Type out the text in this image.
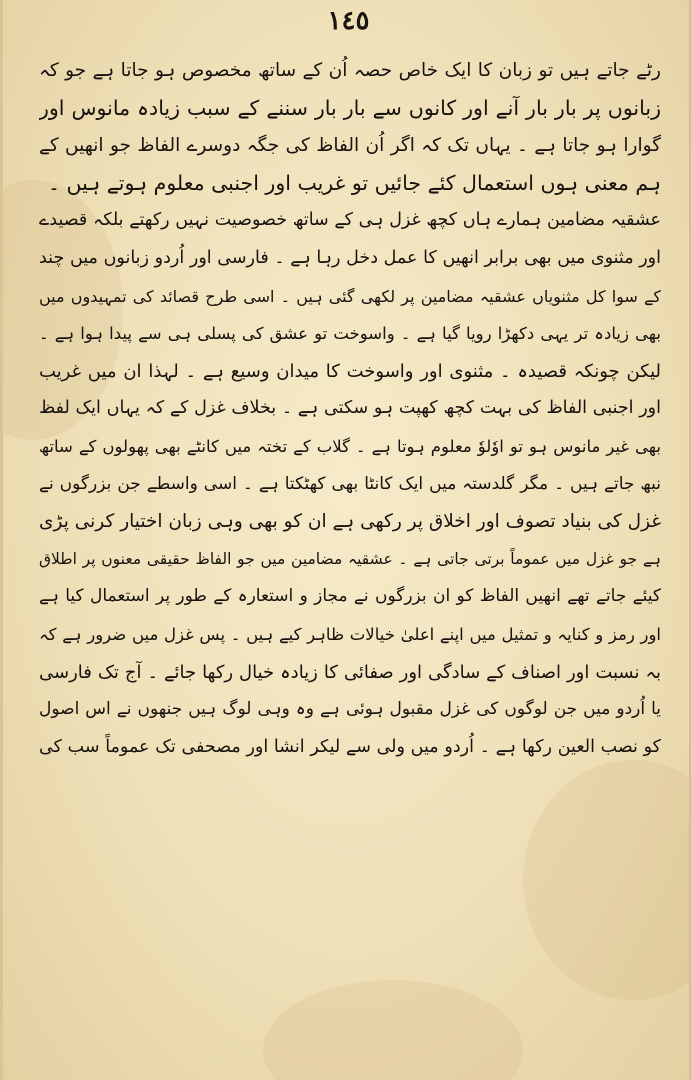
١٤٥
رٹے جاتے ہیں تو زبان کا ایک خاص حصہ اُن کے ساتھ مخصوص ہو جاتا ہے جو کہ
زبانوں پر بار بار آنے اور کانوں سے بار بار سننے کے سبب زیادہ مانوس اور
گوارا ہو جاتا ہے ۔ یہاں تک کہ اگر اُن الفاظ کی جگہ دوسرے الفاظ جو انھیں کے
ہم معنی ہوں استعمال کئے جائیں تو غریب اور اجنبی معلوم ہوتے ہیں ۔
عشقیہ مضامین ہمارے ہاں کچھ غزل ہی کے ساتھ خصوصیت نہیں رکھتے بلکہ قصیدے
اور مثنوی میں بھی برابر انھیں کا عمل دخل رہا ہے ۔ فارسی اور اُردو زبانوں میں چند
کے سوا کل مثنویاں عشقیہ مضامین پر لکھی گئی ہیں ۔ اسی طرح قصائد کی تمہیدوں میں
بھی زیادہ تر یہی دکھڑا رویا گیا ہے ۔ واسوخت تو عشق کی پسلی ہی سے پیدا ہوا ہے ۔
لیکن چونکہ قصیدہ ۔ مثنوی اور واسوخت کا میدان وسیع ہے ۔ لہذا ان میں غریب
اور اجنبی الفاظ کی بہت کچھ کھپت ہو سکتی ہے ۔ بخلاف غزل کے کہ یہاں ایک لفظ
بھی غیر مانوس ہو تو اوٗلوٗ معلوم ہوتا ہے ۔ گلاب کے تختہ میں کانٹے بھی پھولوں کے ساتھ
نبھ جاتے ہیں ۔ مگر گلدستہ میں ایک کانٹا بھی کھٹکتا ہے ۔ اسی واسطے جن بزرگوں نے
غزل کی بنیاد تصوف اور اخلاق پر رکھی ہے ان کو بھی وہی زبان اختیار کرنی پڑی
ہے جو غزل میں عموماً برتی جاتی ہے ۔ عشقیہ مضامین میں جو الفاظ حقیقی معنوں پر اطلاق
کیئے جاتے تھے انھیں الفاظ کو ان بزرگوں نے مجاز و استعارہ کے طور پر استعمال کیا ہے
اور رمز و کنایہ و تمثیل میں اپنے اعلیٰ خیالات ظاہر کیے ہیں ۔ پس غزل میں ضرور ہے کہ
بہ نسبت اور اصناف کے سادگی اور صفائی کا زیادہ خیال رکھا جائے ۔ آج تک فارسی
یا اُردو میں جن لوگوں کی غزل مقبول ہوئی ہے وہ وہی لوگ ہیں جنھوں نے اس اصول
کو نصب العین رکھا ہے ۔ اُردو میں ولی سے لیکر انشا اور مصحفی تک عموماً سب کی
